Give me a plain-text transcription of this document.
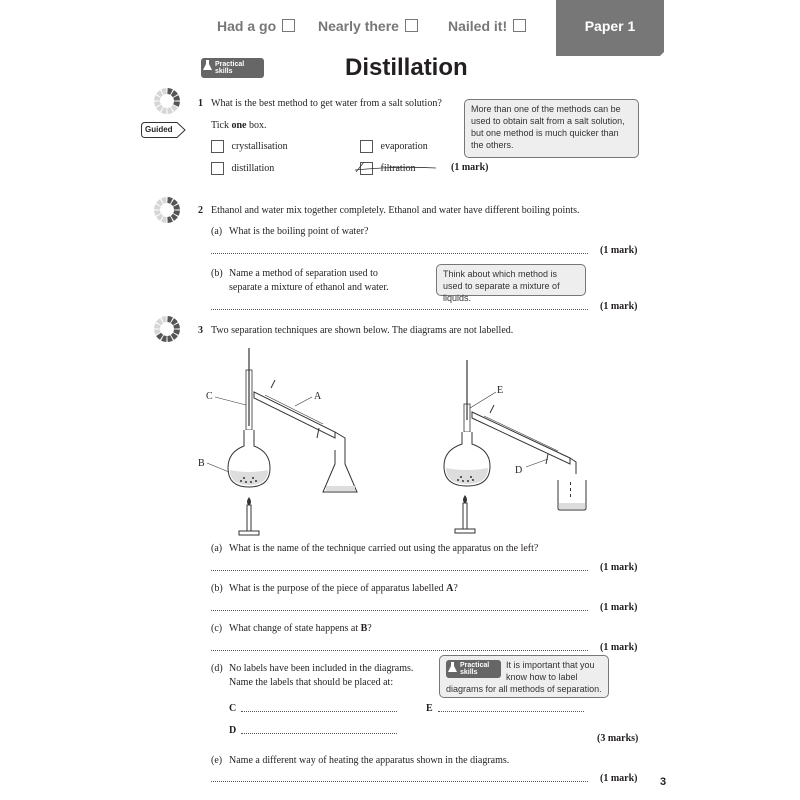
Had a go	Nearly there	Nailed it!	Paper 1
Practical skills	Distillation
Guided
1 What is the best method to get water from a salt solution?
Tick one box.
crystallisation	evaporation
distillation	filtration	(1 mark)
More than one of the methods can be used to obtain salt from a salt solution, but one method is much quicker than the others.
2 Ethanol and water mix together completely. Ethanol and water have different boiling points.
(a) What is the boiling point of water?
(1 mark)
(b) Name a method of separation used to
separate a mixture of ethanol and water.
Think about which method is used to separate a mixture of liquids.
(1 mark)
3 Two separation techniques are shown below. The diagrams are not labelled.
C
B
A
E
D
(a) What is the name of the technique carried out using the apparatus on the left?
(1 mark)
(b) What is the purpose of the piece of apparatus labelled A?
(1 mark)
(c) What change of state happens at B?
(1 mark)
(d) No labels have been included in the diagrams.
Name the labels that should be placed at:
Practical skills
It is important that you know how to label diagrams for all methods of separation.
C	E
D
(3 marks)
(e) Name a different way of heating the apparatus shown in the diagrams.
(1 mark) 3
